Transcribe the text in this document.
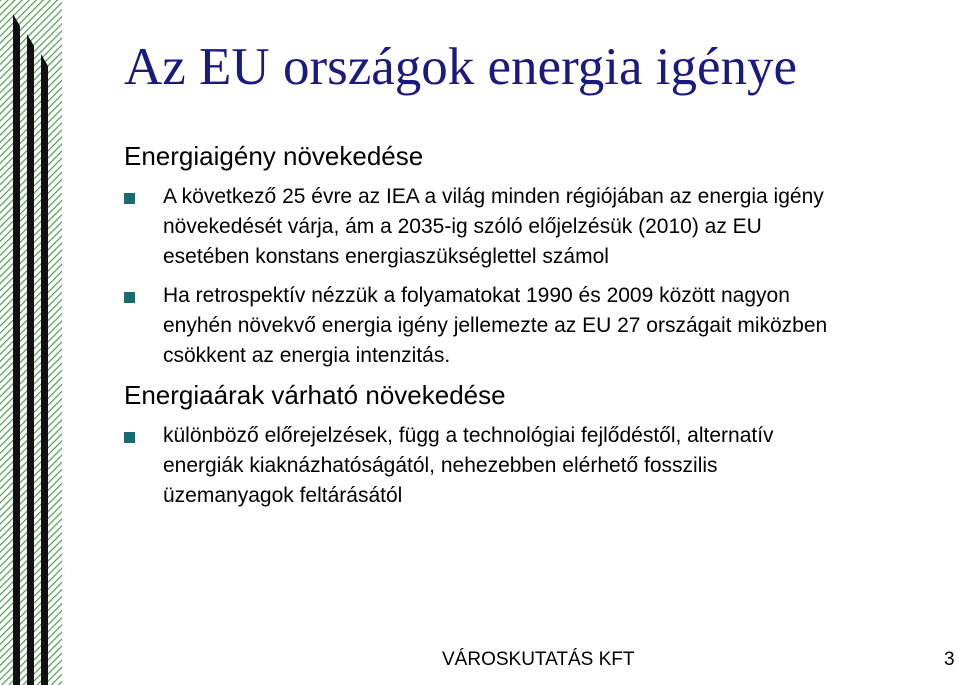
Az EU országok energia igénye
Energiaigény növekedése
A következő 25 évre az IEA a világ minden régiójában az energia igény
növekedését várja, ám a 2035-ig szóló előjelzésük (2010) az EU
esetében konstans energiaszükséglettel számol
Ha retrospektív nézzük a folyamatokat 1990 és 2009 között nagyon
enyhén növekvő energia igény jellemezte az EU 27 országait miközben
csökkent az energia intenzitás.
Energiaárak várható növekedése
különböző előrejelzések, függ a technológiai fejlődéstől, alternatív
energiák kiaknázhatóságától, nehezebben elérhető fosszilis
üzemanyagok feltárásától
VÁROSKUTATÁS KFT	3
